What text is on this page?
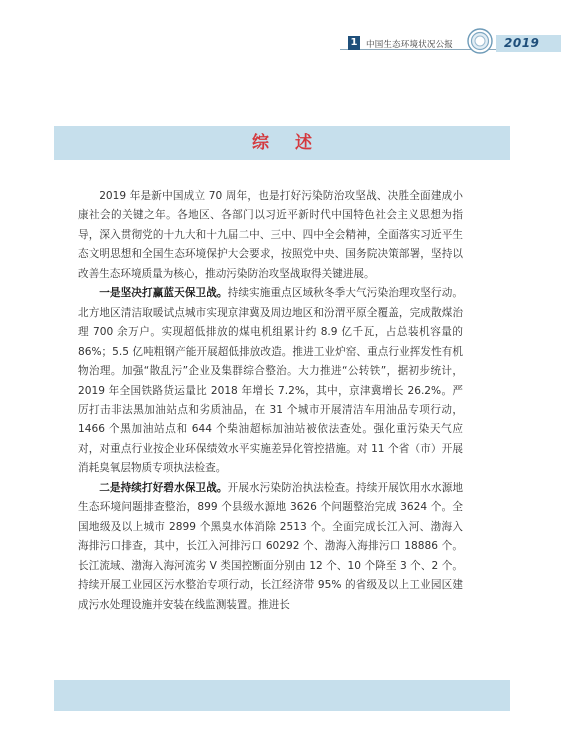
1 中国生态环境状况公报	2019
综述

2019 年是新中国成立 70 周年，也是打好污染防治攻坚战、决胜全面建成小康社会的关键之年。各地区、各部门以习近平新时代中国特色社会主义思想为指导，深入贯彻党的十九大和十九届二中、三中、四中全会精神，全面落实习近平生态文明思想和全国生态环境保护大会要求，按照党中央、国务院决策部署，坚持以改善生态环境质量为核心，推动污染防治攻坚战取得关键进展。

一是坚决打赢蓝天保卫战。持续实施重点区域秋冬季大气污染治理攻坚行动。北方地区清洁取暖试点城市实现京津冀及周边地区和汾渭平原全覆盖，完成散煤治理 700 余万户。实现超低排放的煤电机组累计约 8.9 亿千瓦，占总装机容量的 86%；5.5 亿吨粗钢产能开展超低排放改造。推进工业炉窑、重点行业挥发性有机物治理。加强“散乱污”企业及集群综合整治。大力推进“公转铁”，据初步统计，2019 年全国铁路货运量比 2018 年增长 7.2%，其中，京津冀增长 26.2%。严厉打击非法黑加油站点和劣质油品，在 31 个城市开展清洁车用油品专项行动，1466 个黑加油站点和 644 个柴油超标加油站被依法查处。强化重污染天气应对，对重点行业按企业环保绩效水平实施差异化管控措施。对 11 个省（市）开展消耗臭氧层物质专项执法检查。

二是持续打好碧水保卫战。开展水污染防治执法检查。持续开展饮用水水源地生态环境问题排查整治，899 个县级水源地 3626 个问题整治完成 3624 个。全国地级及以上城市 2899 个黑臭水体消除 2513 个。全面完成长江入河、渤海入海排污口排查，其中，长江入河排污口 60292 个、渤海入海排污口 18886 个。长江流域、渤海入海河流劣 V 类国控断面分别由 12 个、10 个降至 3 个、2 个。持续开展工业园区污水整治专项行动，长江经济带 95% 的省级及以上工业园区建成污水处理设施并安装在线监测装置。推进长
